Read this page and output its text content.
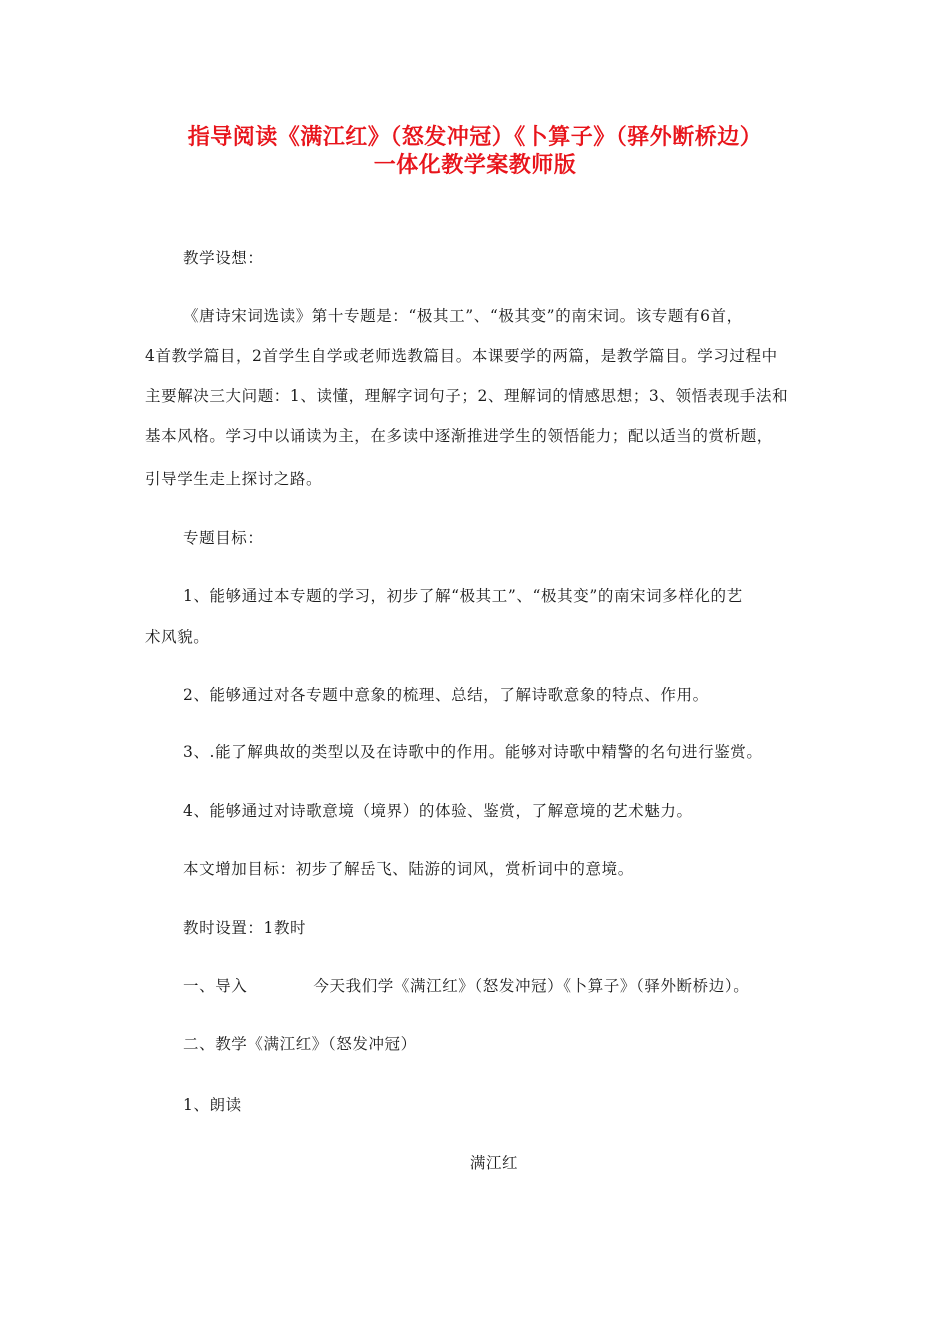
指导阅读《满江红》（怒发冲冠）《卜算子》（驿外断桥边）
一体化教学案教师版
教学设想：
《唐诗宋词选读》第十专题是：“极其工”、“极其变”的南宋词。该专题有6首，
4首教学篇目，2首学生自学或老师选教篇目。本课要学的两篇，是教学篇目。学习过程中
主要解决三大问题：1、读懂，理解字词句子；2、理解词的情感思想；3、领悟表现手法和
基本风格。学习中以诵读为主，在多读中逐渐推进学生的领悟能力；配以适当的赏析题，
引导学生走上探讨之路。
专题目标：
1、能够通过本专题的学习，初步了解“极其工”、“极其变”的南宋词多样化的艺
术风貌。
2、能够通过对各专题中意象的梳理、总结，了解诗歌意象的特点、作用。
3、.能了解典故的类型以及在诗歌中的作用。能够对诗歌中精警的名句进行鉴赏。
4、能够通过对诗歌意境（境界）的体验、鉴赏，了解意境的艺术魅力。
本文增加目标：初步了解岳飞、陆游的词风，赏析词中的意境。
教时设置：1教时
一、导入	今天我们学《满江红》（怒发冲冠）《卜算子》（驿外断桥边）。
二、教学《满江红》（怒发冲冠）
1、朗读
满江红
